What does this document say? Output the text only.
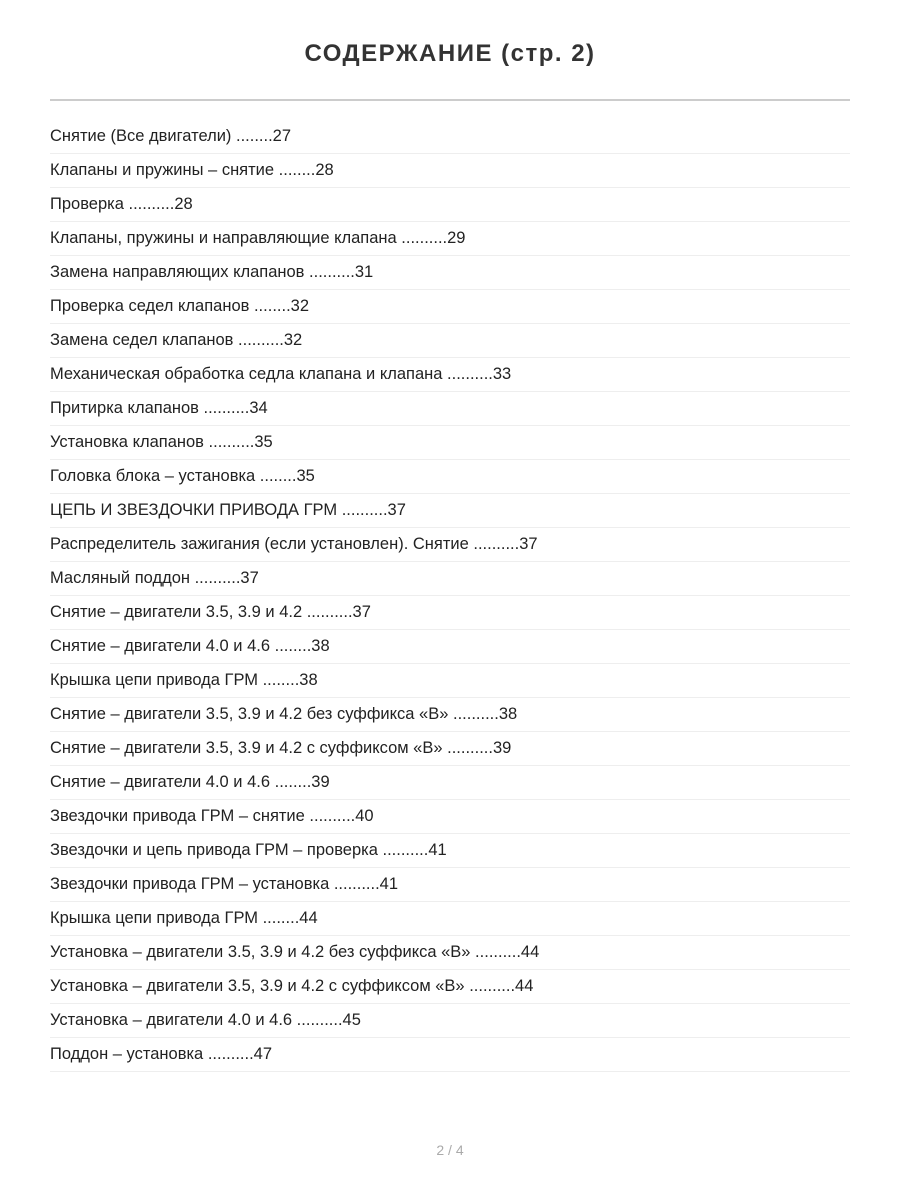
СОДЕРЖАНИЕ (стр. 2)
Снятие (Все двигатели) ........27
Клапаны и пружины – снятие ........28
Проверка ..........28
Клапаны, пружины и направляющие клапана ..........29
Замена направляющих клапанов ..........31
Проверка седел клапанов ........32
Замена седел клапанов ..........32
Механическая обработка седла клапана и клапана ..........33
Притирка клапанов ..........34
Установка клапанов ..........35
Головка блока – установка ........35
ЦЕПЬ И ЗВЕЗДОЧКИ ПРИВОДА ГРМ ..........37
Распределитель зажигания (если установлен). Снятие ..........37
Масляный поддон ..........37
Снятие – двигатели 3.5, 3.9 и 4.2 ..........37
Снятие – двигатели 4.0 и 4.6 ........38
Крышка цепи привода ГРМ ........38
Снятие – двигатели 3.5, 3.9 и 4.2 без суффикса «В» ..........38
Снятие – двигатели 3.5, 3.9 и 4.2 с суффиксом «В» ..........39
Снятие – двигатели 4.0 и 4.6 ........39
Звездочки привода ГРМ – снятие ..........40
Звездочки и цепь привода ГРМ – проверка ..........41
Звездочки привода ГРМ – установка ..........41
Крышка цепи привода ГРМ ........44
Установка – двигатели 3.5, 3.9 и 4.2 без суффикса «В» ..........44
Установка – двигатели 3.5, 3.9 и 4.2 с суффиксом «В» ..........44
Установка – двигатели 4.0 и 4.6 ..........45
Поддон – установка ..........47
2 / 4
